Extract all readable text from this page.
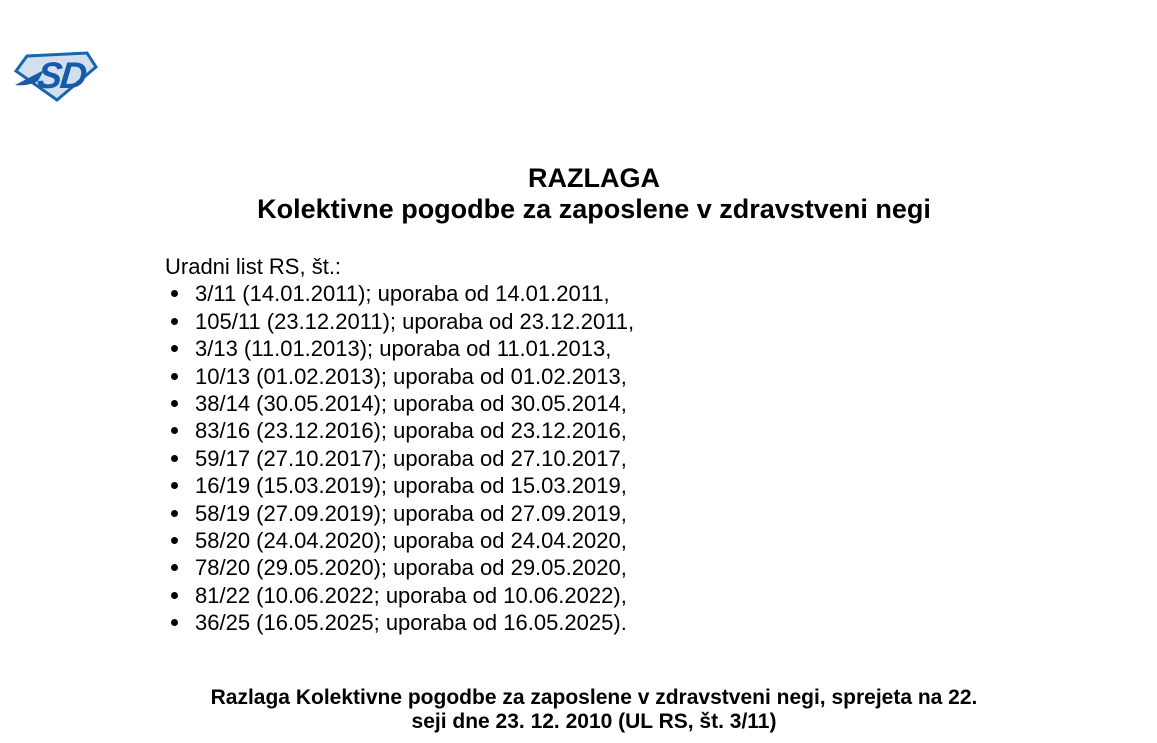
SD
RAZLAGA
Kolektivne pogodbe za zaposlene v zdravstveni negi
Uradni list RS, št.:
3/11 (14.01.2011); uporaba od 14.01.2011,
105/11 (23.12.2011); uporaba od 23.12.2011,
3/13 (11.01.2013); uporaba od 11.01.2013,
10/13 (01.02.2013); uporaba od 01.02.2013,
38/14 (30.05.2014); uporaba od 30.05.2014,
83/16 (23.12.2016); uporaba od 23.12.2016,
59/17 (27.10.2017); uporaba od 27.10.2017,
16/19 (15.03.2019); uporaba od 15.03.2019,
58/19 (27.09.2019); uporaba od 27.09.2019,
58/20 (24.04.2020); uporaba od 24.04.2020,
78/20 (29.05.2020); uporaba od 29.05.2020,
81/22 (10.06.2022; uporaba od 10.06.2022),
36/25 (16.05.2025; uporaba od 16.05.2025).
Razlaga Kolektivne pogodbe za zaposlene v zdravstveni negi, sprejeta na 22.
seji dne 23. 12. 2010 (UL RS, št. 3/11)
